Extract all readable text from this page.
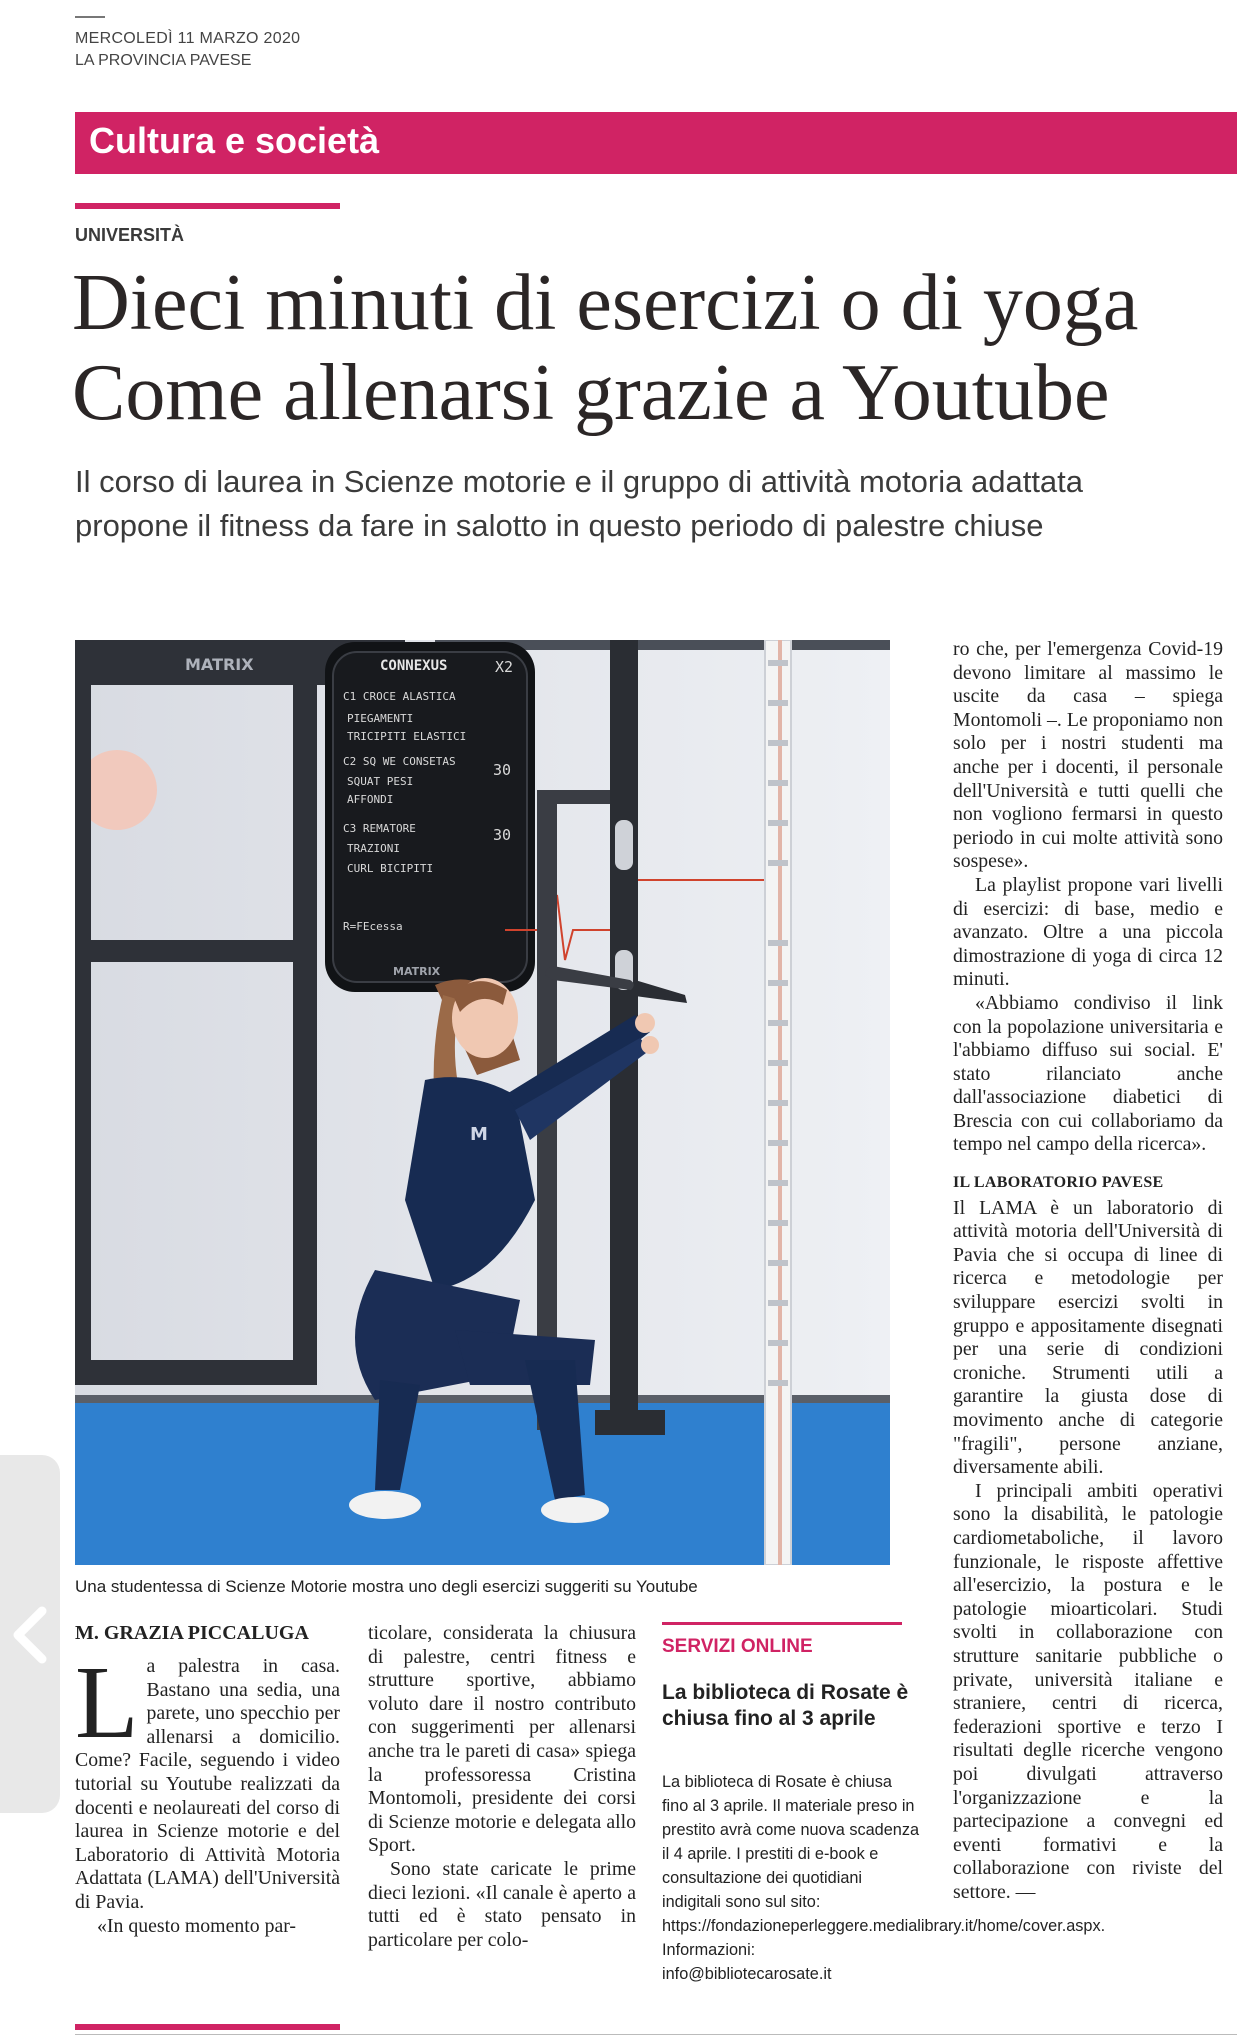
MERCOLEDÌ 11 MARZO 2020
LA PROVINCIA PAVESE
Cultura e società
UNIVERSITÀ
Dieci minuti di esercizi o di yoga
Come allenarsi grazie a Youtube
Il corso di laurea in Scienze motorie e il gruppo di attività motoria adattata
propone il fitness da fare in salotto in questo periodo di palestre chiuse
MATRIX	CONNEXUS
C1 CROCE ALASTICA
PIEGAMENTI
TRICIPITI ELASTICI
C2 SQ WE CONSETAS
SQUAT PESI
AFFONDI
C3 REMATORE
TRAZIONI
CURL BICIPITI
R=FEcessa
X2
30
30
MATRIX
M
Una studentessa di Scienze Motorie mostra uno degli esercizi suggeriti su Youtube
M. GRAZIA PICCALUGA
L a palestra in casa. Bastano una sedia, una parete, uno specchio per allenarsi a domicilio. Come? Facile, seguendo i video tutorial su Youtube realizzati da docenti e neolaureati del corso di laurea in Scienze motorie e del Laboratorio di Attività Motoria Adattata (LAMA) dell'Università di Pavia.

«In questo momento par-

ticolare, considerata la chiusura di palestre, centri fitness e strutture sportive, abbiamo voluto dare il nostro contributo con suggerimenti per allenarsi anche tra le pareti di casa» spiega la professoressa Cristina Montomoli, presidente dei corsi di Scienze motorie e delegata allo Sport.

Sono state caricate le prime dieci lezioni. «Il canale è aperto a tutti ed è stato pensato in particolare per colo-

ro che, per l'emergenza Covid-19 devono limitare al massimo le uscite da casa – spiega Montomoli –. Le proponiamo non solo per i nostri studenti ma anche per i docenti, il personale dell'Università e tutti quelli che non vogliono fermarsi in questo periodo in cui molte attività sono sospese».

La playlist propone vari livelli di esercizi: di base, medio e avanzato. Oltre a una piccola dimostrazione di yoga di circa 12 minuti.

«Abbiamo condiviso il link con la popolazione universitaria e l'abbiamo diffuso sui social. E' stato rilanciato anche dall'associazione diabetici di Brescia con cui collaboriamo da tempo nel campo della ricerca».

IL LABORATORIO PAVESE

Il LAMA è un laboratorio di attività motoria dell'Università di Pavia che si occupa di linee di ricerca e metodologie per sviluppare esercizi svolti in gruppo e appositamente disegnati per una serie di condizioni croniche. Strumenti utili a garantire la giusta dose di movimento anche di categorie "fragili", persone anziane, diversamente abili.

I principali ambiti operativi sono la disabilità, le patologie cardiometaboliche, il lavoro funzionale, le risposte affettive all'esercizio, la postura e le patologie mioarticolari. Studi svolti in collaborazione con strutture sanitarie pubbliche o private, università italiane e straniere, centri di ricerca, federazioni sportive e terzo I risultati deglle ricerche vengono poi divulgati attraverso l'organizzazione e la partecipazione a convegni ed eventi formativi e la collaborazione con riviste del settore. —

SERVIZI ONLINE
La biblioteca di Rosate è chiusa fino al 3 aprile
La biblioteca di Rosate è chiusa fino al 3 aprile. Il materiale preso in prestito avrà come nuova scadenza il 4 aprile. I prestiti di e-book e consultazione dei quotidiani indigitali sono sul sito: https://fondazioneperleggere.medialibrary.it/home/cover.aspx. Informazioni: info@bibliotecarosate.it
